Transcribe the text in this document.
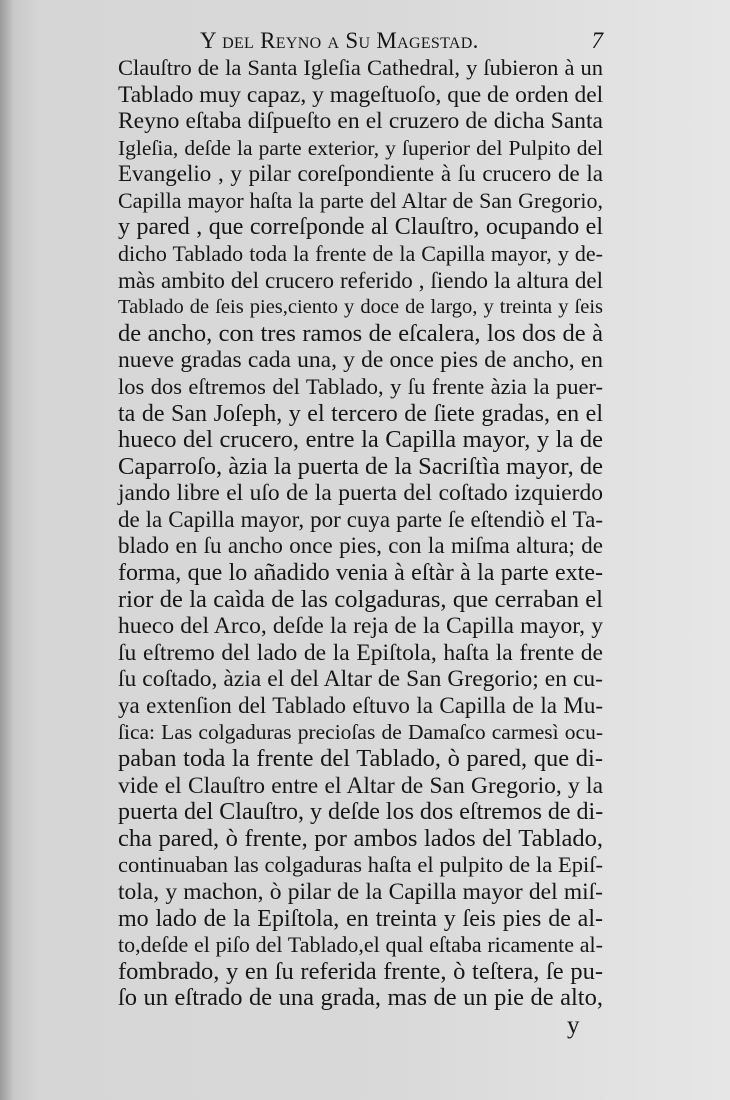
Y del Reyno a Su Magestad.	7
Clauſtro de la Santa Igleſia Cathedral, y ſubieron à un
Tablado muy capaz, y mageſtuoſo, que de orden del
Reyno eſtaba diſpueſto en el cruzero de dicha Santa
Igleſia, deſde la parte exterior, y ſuperior del Pulpito del
Evangelio , y pilar coreſpondiente à ſu crucero de la
Capilla mayor haſta la parte del Altar de San Gregorio,
y pared , que correſponde al Clauſtro, ocupando el
dicho Tablado toda la frente de la Capilla mayor, y de-
màs ambito del crucero referido , ſiendo la altura del
Tablado de ſeis pies,ciento y doce de largo, y treinta y ſeis
de ancho, con tres ramos de eſcalera, los dos de à
nueve gradas cada una, y de once pies de ancho, en
los dos eſtremos del Tablado, y ſu frente àzia la puer-
ta de San Joſeph, y el tercero de ſiete gradas, en el
hueco del crucero, entre la Capilla mayor, y la de
Caparroſo, àzia la puerta de la Sacriſtìa mayor, de
jando libre el uſo de la puerta del coſtado izquierdo
de la Capilla mayor, por cuya parte ſe eſtendiò el Ta-
blado en ſu ancho once pies, con la miſma altura; de
forma, que lo añadido venia à eſtàr à la parte exte-
rior de la caìda de las colgaduras, que cerraban el
hueco del Arco, deſde la reja de la Capilla mayor, y
ſu eſtremo del lado de la Epiſtola, haſta la frente de
ſu coſtado, àzia el del Altar de San Gregorio; en cu-
ya extenſion del Tablado eſtuvo la Capilla de la Mu-
ſica: Las colgaduras precioſas de Damaſco carmesì ocu-
paban toda la frente del Tablado, ò pared, que di-
vide el Clauſtro entre el Altar de San Gregorio, y la
puerta del Clauſtro, y deſde los dos eſtremos de di-
cha pared, ò frente, por ambos lados del Tablado,
continuaban las colgaduras haſta el pulpito de la Epiſ-
tola, y machon, ò pilar de la Capilla mayor del miſ-
mo lado de la Epiſtola, en treinta y ſeis pies de al-
to,deſde el piſo del Tablado,el qual eſtaba ricamente al-
fombrado, y en ſu referida frente, ò teſtera, ſe pu-
ſo un eſtrado de una grada, mas de un pie de alto,
y
